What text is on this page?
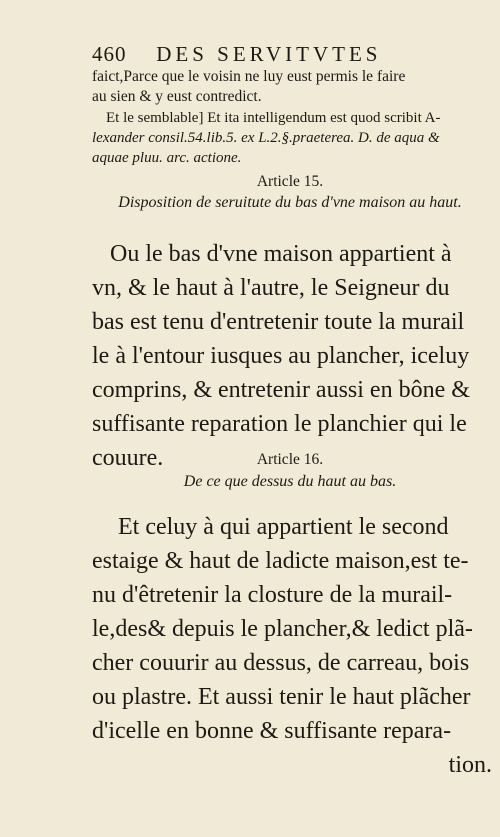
460 DES SERVITVTES
faict,Parce que le voisin ne luy eust permis le faire
au sien & y eust contredict.
Et le semblable] Et ita intelligendum est quod scribit A-
lexander consil.54.lib.5. ex L.2.§.praeterea. D. de aqua &
aquae pluu. arc. actione.
Article 15.
Disposition de seruitute du bas d'vne maison au haut.
Ou le bas d'vne maison appartient à
vn, & le haut à l'autre, le Seigneur du
bas est tenu d'entretenir toute la murail
le à l'entour iusques au plancher, iceluy
comprins, & entretenir aussi en bône &
suffisante reparation le planchier qui le
couure.	Article 16.
De ce que dessus du haut au bas.
Et celuy à qui appartient le second
estaige & haut de ladicte maison,est te-
nu d'êtretenir la closture de la murail-
le,des& depuis le plancher,& ledict plã-
cher couurir au dessus, de carreau, bois
ou plastre. Et aussi tenir le haut plãcher
d'icelle en bonne & suffisante repara-
tion.
